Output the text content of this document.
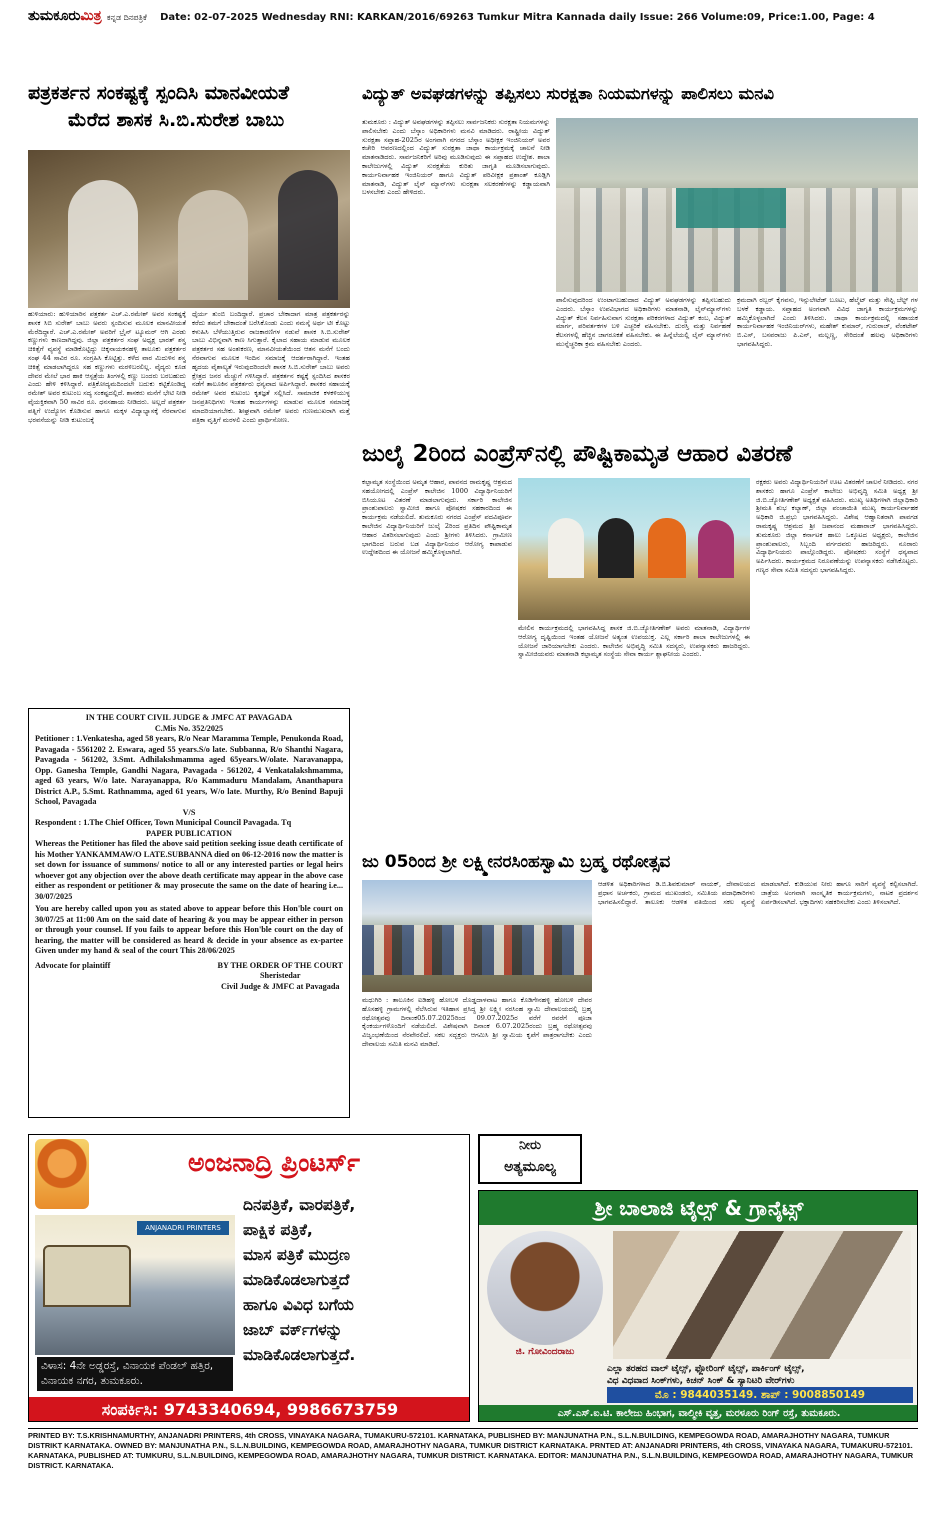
ತುಮಕೂರುಮಿತ್ರ ಕನ್ನಡ ದಿನಪತ್ರಿಕೆ Date: 02-07-2025 Wednesday RNI: KARKAN/2016/69263 Tumkur Mitra Kannada daily Issue: 266 Volume:09, Price:1.00, Page: 4
ಪತ್ರಕರ್ತನ ಸಂಕಷ್ಟಕ್ಕೆ ಸ್ಪಂದಿಸಿ ಮಾನವೀಯತೆ
ಮೆರೆದ ಶಾಸಕ ಸಿ.ಬಿ.ಸುರೇಶ ಬಾಬು
ವಿದ್ಯುತ್ ಅವಘಡಗಳನ್ನು ತಪ್ಪಿಸಲು ಸುರಕ್ಷತಾ ನಿಯಮಗಳನ್ನು ಪಾಲಿಸಲು ಮನವಿ
ಹುಳಿಯಾರು: ಹುಳಿಯಾರಿನ ಪತ್ರಕರ್ತ ಎಚ್.ಎ.ರಮೇಶ್ ಅವರ ಸಂಕಷ್ಟಕ್ಕೆ ಶಾಸಕ ಸಿಬಿ ಸುರೇಶ್ ಬಾಬು ಅವರು ಸ್ಪಂದಿಸುವ ಮೂಲಕ ಮಾನವೀಯತೆ ಮೆರೆದಿದ್ದಾರೆ. ಎಚ್.ಎ.ರಮೇಶ್ ಅವರಿಗೆ ಬ್ರೈನ್ ಟ್ಯೂಮರ್ ಆಗಿ ಎರಡು ಕಣ್ಣುಗಳು ಕಾಣದಾಗಿದ್ದವು. ಜಿಲ್ಲಾ ಪತ್ರಕರ್ತರ ಸಂಘ ಅಧ್ಯಕ್ಷ ಭಾರತ್ ಶಸ್ತ್ರ ಚಿಕಿತ್ಸೆಗೆ ವ್ಯವಸ್ಥೆ ಮಾಡಿಕೊಟ್ಟಿದ್ದು ಚಿಕ್ಕನಾಯಕನಹಳ್ಳಿ ತಾಲೂಕು ಪತ್ರಕರ್ತರ ಸಂಘ 44 ಸಾವಿರ ರೂ. ಸಂಗ್ರಹಿಸಿ ಕೊಟ್ಟಿತ್ತು. ಕಳೆದ ವಾರ ಮಿದುಳಿನ ಶಸ್ತ್ರ ಚಿಕಿತ್ಸೆ ಮಾಡಲಾಗಿದ್ದರೂ ಸಹ ಕಣ್ಣುಗಳು ಮರಳಿಬರಲಿಲ್ಲ. ವೈದ್ಯರು ಕೂಡ ದೇವರ ಮೇಲೆ ಭಾರ ಹಾಕಿ ಆಸ್ಪತ್ರೆಯ ತಿಂಗಳಲ್ಲಿ ಕಣ್ಣು ಬಂದರು ಬರಬಹುದು ಎಂದು ಹೇಳಿ ಕಳಿಸಿದ್ದಾರೆ. ಪತ್ರಿಕೋದ್ಯಮದಿಂದಲೇ ಬದುಕು ಕಟ್ಟಿಕೊಂಡಿದ್ದ ರಮೇಶ್ ಅವರ ಕುಟುಂಬ ಸದ್ಯ ಸಂಕಷ್ಟದಲ್ಲಿದೆ. ಶಾಸಕರು ಮನೆಗೆ ಭೇಟಿ ನೀಡಿ ವೈಯಕ್ತಿಕವಾಗಿ 50 ಸಾವಿರ ರೂ. ಧನಸಹಾಯ ನೀಡಿದರು. ಅಲ್ಲದೆ ಪತ್ರಕರ್ತ ಪತ್ನಿಗೆ ಉದ್ಯೋಗ ಕೊಡಿಸುವ ಹಾಗೂ ಮಕ್ಕಳ ವಿದ್ಯಾಭ್ಯಾಸಕ್ಕೆ ನೆರವಾಗುವ ಭರವಸೆಯನ್ನು ನೀಡಿ ಕುಟುಂಬಕ್ಕೆ
ಧೈರ್ಯ ತುಂಬಿ ಬಂದಿದ್ದಾರೆ. ಪ್ರಚಾರ ಬೇಕಾದಾಗ ಮಾತ್ರ ಪತ್ರಕರ್ತರನ್ನು ಕರೆದು ತಮಗೆ ಬೇಕಾದಂತೆ ಬರೆಸಿಕೊಂಡು ಎಂದು ನಮಸ್ಕೆ ಅರ್ಥ ಟೀ ಕೊಟ್ಟು ಕಳುಹಿಸಿ ಬೆಳೆಯುತ್ತಿರುವ ರಾಜಕಾರಣಿಗಳ ನಡುವೆ ಶಾಸಕ ಸಿ.ಬಿ.ಸುರೇಶ್ ಬಾಬು ವಿಭಿನ್ನವಾಗಿ ಕಾಣ ಸಿಗುತ್ತಾರೆ. ಕೈಲಾದ ಸಹಾಯ ಮಾಡುವ ಮೂಲಕ ಪತ್ರಕರ್ತರ ಸಹ ಅಂತಃಕರಣ, ಮಾನವೀಯತೆಯಿಂದ ಆತನ ಮನೆಗೆ ಬಂದು ನೆರವಾಗುವ ಮೂಲಕ ಇಂದಿನ ಸಮಾಜಕ್ಕೆ ಆದರ್ಶರಾಗಿದ್ದಾರೆ. ಇಂತಹ ಹೃದಯ ವೈಶಾಲ್ಯತೆ ಇರುವುದರಿಂದಲೇ ಶಾಸಕ ಸಿ.ಬಿ.ಸುರೇಶ್ ಬಾಬು ಅವರು ಕ್ಷೇತ್ರದ ಜನರ ಮೆಚ್ಚುಗೆ ಗಳಿಸಿದ್ದಾರೆ. ಪತ್ರಕರ್ತನ ಕಷ್ಟಕ್ಕೆ ಸ್ಪಂದಿಸಿದ ಶಾಸಕರ ನಡೆಗೆ ತಾಲೂಕಿನ ಪತ್ರಕರ್ತರು ಧನ್ಯವಾದ ಅರ್ಪಿಸಿದ್ದಾರೆ. ಶಾಸಕರ ಸಹಾಯಕ್ಕೆ ರಮೇಶ್ ಅವರ ಕುಟುಂಬ ಕೃತಜ್ಞತೆ ಸಲ್ಲಿಸಿದೆ. ಸಾಮಾಜಿಕ ಕಳಕಳಿಯುಳ್ಳ ಜನಪ್ರತಿನಿಧಿಗಳು ಇಂತಹ ಕಾರ್ಯಗಳನ್ನು ಮಾಡುವ ಮೂಲಕ ಸಮಾಜಕ್ಕೆ ಮಾದರಿಯಾಗಬೇಕು. ಶೀಘ್ರವಾಗಿ ರಮೇಶ್ ಅವರು ಗುಣಮುಖರಾಗಿ ಮತ್ತೆ ಪತ್ರಿಕಾ ವೃತ್ತಿಗೆ ಮರಳಲಿ ಎಂದು ಪ್ರಾರ್ಥಿಸೋಣ.
ತುಮಕೂರು : ವಿದ್ಯುತ್ ಅವಘಡಗಳನ್ನು ತಪ್ಪಿಸಲು ಸಾರ್ವಜನಿಕರು ಸುರಕ್ಷತಾ ನಿಯಮಗಳನ್ನು ಪಾಲಿಸಬೇಕು ಎಂದು ಬೆಸ್ಕಾಂ ಅಧಿಕಾರಿಗಳು ಮನವಿ ಮಾಡಿದರು. ರಾಷ್ಟ್ರೀಯ ವಿದ್ಯುತ್ ಸುರಕ್ಷತಾ ಸಪ್ತಾಹ-2025ರ ಅಂಗವಾಗಿ ನಗರದ ಬೆಸ್ಕಾಂ ಅಧೀಕ್ಷಕ ಇಂಜಿನಿಯರ್ ಅವರ ಕಚೇರಿ ಆವರಣದಲ್ಲಿಂದ ವಿದ್ಯುತ್ ಸುರಕ್ಷತಾ ಜಾಥಾ ಕಾರ್ಯಕ್ರಮಕ್ಕೆ ಚಾಲನೆ ನೀಡಿ ಮಾತನಾಡಿದರು. ಸಾರ್ವಜನಿಕರಿಗೆ ಅರಿವು ಮೂಡಿಸುವುದು ಈ ಸಪ್ತಾಹದ ಉದ್ದೇಶ. ಶಾಲಾ ಕಾಲೇಜುಗಳಲ್ಲಿ ವಿದ್ಯುತ್ ಸುರಕ್ಷತೆಯ ಕುರಿತು ಜಾಗೃತಿ ಮೂಡಿಸಲಾಗುವುದು. ಕಾರ್ಯನಿರ್ವಾಹಕ ಇಂಜಿನಿಯರ್ ಹಾಗೂ ವಿದ್ಯುತ್ ಪರಿವೀಕ್ಷಕ ಪ್ರಶಾಂತ್ ಕೂಡ್ಲಿಗಿ ಮಾತನಾಡಿ, ವಿದ್ಯುತ್ ಲೈನ್ ಮ್ಯಾನ್‌ಗಳು ಸುರಕ್ಷತಾ ಸಲಕರಣೆಗಳನ್ನು ಕಡ್ಡಾಯವಾಗಿ ಬಳಸಬೇಕು ಎಂದು ಹೇಳಿದರು.
ಪಾಲಿಸುವುದರಿಂದ ಉಂಟಾಗಬಹುದಾದ ವಿದ್ಯುತ್ ಅವಘಡಗಳನ್ನು ತಪ್ಪಿಸಬಹುದು ಎಂದರು. ಬೆಸ್ಕಾಂ ಉಪವಿಭಾಗದ ಅಧಿಕಾರಿಗಳು ಮಾತನಾಡಿ, ಲೈನ್‌ಮ್ಯಾನ್‌ಗಳು ವಿದ್ಯುತ್ ಕೆಲಸ ನಿರ್ವಹಿಸುವಾಗ ಸುರಕ್ಷತಾ ಪರಿಕರಗಳಾದ ವಿದ್ಯುತ್ ಕಂಬ, ವಿದ್ಯುತ್ ಮಾರ್ಗ, ಪರಿವರ್ತಕಗಳ ಬಳಿ ಎಚ್ಚರಿಕೆ ವಹಿಸಬೇಕು. ದುರಸ್ತಿ ಮತ್ತು ನಿರ್ವಹಣೆ ಕೆಲಸಗಳಲ್ಲಿ ಹೆಚ್ಚಿನ ಜಾಗರೂಕತೆ ವಹಿಸಬೇಕು. ಈ ಹಿನ್ನೆಲೆಯಲ್ಲಿ ಲೈನ್ ಮ್ಯಾನ್‌ಗಳು ಮುನ್ನೆಚ್ಚರಿಕಾ ಕ್ರಮ ವಹಿಸಬೇಕು ಎಂದರು.
ಕ್ರಮದಾಗಿ ರಬ್ಬರ್ ಕೈಗವಸು, ಇನ್ಸುಲೇಟೆಡ್ ಬೂಟು, ಹೆಲ್ಮೆಟ್ ಮತ್ತು ಸೇಫ್ಟಿ ಬೆಲ್ಟ್ ಗಳ ಬಳಕೆ ಕಡ್ಡಾಯ. ಸಪ್ತಾಹದ ಅಂಗವಾಗಿ ವಿವಿಧ ಜಾಗೃತಿ ಕಾರ್ಯಕ್ರಮಗಳನ್ನು ಹಮ್ಮಿಕೊಳ್ಳಲಾಗಿದೆ ಎಂದು ತಿಳಿಸಿದರು. ಜಾಥಾ ಕಾರ್ಯಕ್ರಮದಲ್ಲಿ ಸಹಾಯಕ ಕಾರ್ಯನಿರ್ವಾಹಕ ಇಂಜಿನಿಯರ್‌ಗಳು, ಮಹೇಶ್ ಕುಮಾರ್, ಗುರುರಾಜ್, ವೆಂಕಟೇಶ್ ಬಿ.ಎಸ್, ಬಸವರಾಜು ಪಿ.ಎನ್, ಮಲ್ಲಣ್ಣ, ಸೇರಿದಂತೆ ಹಲವು ಅಧಿಕಾರಿಗಳು ಭಾಗವಹಿಸಿದ್ದರು.
ಜುಲೈ 2ರಿಂದ ಎಂಪ್ರೆಸ್‌ನಲ್ಲಿ ಪೌಷ್ಟಿಕಾಮೃತ ಆಹಾರ ವಿತರಣೆ
ಕಲ್ಪಾಮೃತ ಸಂಸ್ಥೆಯಿಂದ ಅಮೃತ ಆಹಾರ, ಪಾವನದ ರಾಮಕೃಷ್ಣ ಆಶ್ರಮದ ಸಹಯೋಗದಲ್ಲಿ ಎಂಪ್ರೆಸ್ ಕಾಲೇಜಿನ 1000 ವಿದ್ಯಾರ್ಥಿನಿಯರಿಗೆ ಬಿಸಿಯೂಟ ವಿತರಣೆ ಮಾಡಲಾಗುವುದು. ಸರ್ಕಾರಿ ಕಾಲೇಜಿನ ಪ್ರಾಂಶುಪಾಲರು ಸ್ವಾಮೀಜಿ ಹಾಗೂ ಪೋಷಕರ ಸಹಕಾರದಿಂದ ಈ ಕಾರ್ಯಕ್ರಮ ನಡೆಯಲಿದೆ. ತುಮಕೂರು ನಗರದ ಎಂಪ್ರೆಸ್ ಪದವಿಪೂರ್ವ ಕಾಲೇಜಿನ ವಿದ್ಯಾರ್ಥಿನಿಯರಿಗೆ ಜುಲೈ 2ರಿಂದ ಪ್ರತಿದಿನ ಪೌಷ್ಟಿಕಾಮೃತ ಆಹಾರ ವಿತರಿಸಲಾಗುವುದು ಎಂದು ಶ್ರೀಗಳು ತಿಳಿಸಿದರು. ಗ್ರಾಮೀಣ ಭಾಗದಿಂದ ಬರುವ ಬಡ ವಿದ್ಯಾರ್ಥಿನಿಯರ ಆರೋಗ್ಯ ಕಾಪಾಡುವ ಉದ್ದೇಶದಿಂದ ಈ ಯೋಜನೆ ಹಮ್ಮಿಕೊಳ್ಳಲಾಗಿದೆ.
ಮೇಲಿನ ಕಾರ್ಯಕ್ರಮದಲ್ಲಿ ಭಾಗವಹಿಸಿದ್ದ ಶಾಸಕ ಜಿ.ಬಿ.ಜ್ಯೋತಿಗಣೇಶ್ ಅವರು ಮಾತನಾಡಿ, ವಿದ್ಯಾರ್ಥಿಗಳ ಆರೋಗ್ಯ ದೃಷ್ಟಿಯಿಂದ ಇಂತಹ ಯೋಜನೆ ಅತ್ಯಂತ ಉಪಯುಕ್ತ. ಎಲ್ಲ ಸರ್ಕಾರಿ ಶಾಲಾ ಕಾಲೇಜುಗಳಲ್ಲಿ ಈ ಯೋಜನೆ ಜಾರಿಯಾಗಬೇಕು ಎಂದರು. ಕಾಲೇಜಿನ ಅಭಿವೃದ್ಧಿ ಸಮಿತಿ ಸದಸ್ಯರು, ಉಪನ್ಯಾಸಕರು ಹಾಜರಿದ್ದರು. ಸ್ವಾಮೀಜಿಯವರು ಮಾತನಾಡಿ ಕಲ್ಪಾಮೃತ ಸಂಸ್ಥೆಯ ಸೇವಾ ಕಾರ್ಯ ಶ್ಲಾಘನೀಯ ಎಂದರು.
ರಕ್ಷಕರು ಅವರು ವಿದ್ಯಾರ್ಥಿನಿಯರಿಗೆ ಊಟ ವಿತರಣೆಗೆ ಚಾಲನೆ ನೀಡಿದರು. ನಗರ ಶಾಸಕರು ಹಾಗೂ ಎಂಪ್ರೆಸ್ ಕಾಲೇಜು ಅಭಿವೃದ್ಧಿ ಸಮಿತಿ ಅಧ್ಯಕ್ಷ ಶ್ರೀ ಜಿ.ಬಿ.ಜ್ಯೋತಿಗಣೇಶ್ ಅಧ್ಯಕ್ಷತೆ ವಹಿಸಿದರು. ಮುಖ್ಯ ಅತಿಥಿಗಳಾಗಿ ಜಿಲ್ಲಾಧಿಕಾರಿ ಶ್ರೀಮತಿ ಶುಭ ಕಲ್ಯಾಣ್, ಜಿಲ್ಲಾ ಪಂಚಾಯಿತಿ ಮುಖ್ಯ ಕಾರ್ಯನಿರ್ವಾಹಕ ಅಧಿಕಾರಿ ಜಿ.ಪ್ರಭು ಭಾಗವಹಿಸಿದ್ದರು. ವಿಶೇಷ ಆಹ್ವಾನಿತರಾಗಿ ಪಾವಗಡ ರಾಮಕೃಷ್ಣ ಆಶ್ರಮದ ಶ್ರೀ ಜಪಾನಂದ ಮಹಾರಾಜ್ ಭಾಗವಹಿಸಿದ್ದರು. ತುಮಕೂರು ಜಿಲ್ಲಾ ಕರ್ನಾಟಕ ಹಾಲು ಒಕ್ಕೂಟದ ಅಧ್ಯಕ್ಷರು, ಕಾಲೇಜಿನ ಪ್ರಾಂಶುಪಾಲರು, ಸಿಬ್ಬಂದಿ ವರ್ಗದವರು ಹಾಜರಿದ್ದರು. ನೂರಾರು ವಿದ್ಯಾರ್ಥಿನಿಯರು ಪಾಲ್ಗೊಂಡಿದ್ದರು. ಪೋಷಕರು ಸಂಸ್ಥೆಗೆ ಧನ್ಯವಾದ ಅರ್ಪಿಸಿದರು. ಕಾರ್ಯಕ್ರಮದ ನಿರೂಪಣೆಯನ್ನು ಉಪನ್ಯಾಸಕರು ನಡೆಸಿಕೊಟ್ಟರು. ಗಣ್ಯರ ಸೇವಾ ಸಮಿತಿ ಸದಸ್ಯರು ಭಾಗವಹಿಸಿದ್ದರು.
IN THE COURT CIVIL JUDGE & JMFC AT PAVAGADA
C.Mis No. 352/2025
Petitioner : 1.Venkatesha, aged 58 years, R/o Near Maramma Temple, Penukonda Road, Pavagada - 5561202 2. Eswara, aged 55 years.S/o late. Subbanna, R/o Shanthi Nagara, Pavagada - 561202, 3.Smt. Adhilakshmamma aged 65years.W/olate. Naravanappa, Opp. Ganesha Temple, Gandhi Nagara, Pavagada - 561202, 4 Venkatalakshmamma, aged 63 years, W/o late. Narayanappa, R/o Kammaduru Mandalam, Ananthapura District A.P., 5.Smt. Rathnamma, aged 61 years, W/o late. Murthy, R/o Benind Bapuji School, Pavagada
V/S
Respondent : 1.The Chief Officer, Town Municipal Council Pavagada. Tq
PAPER PUBLICATION
Whereas the Petitioner has filed the above said petition seeking issue death certificate of his Mother YANKAMMAW/O LATE.SUBBANNA died on 06-12-2016 now the matter is set down for issuance of summons/ notice to all or any interested parties or legal heirs whoever got any objection over the above death certificate may appear in the above case either as respondent or petitioner & may prosecute the same on the date of hearing i.e... 30/07/2025
You are hereby called upon you as stated above to appear before this Hon'ble court on 30/07/25 at 11:00 Am on the said date of hearing & you may be appear either in person or through your counsel. If you fails to appear before this Hon'ble court on the day of hearing, the matter will be considered as heard & decide in your absence as ex-partee Given under my hand & seal of the court This 28/06/2025
Advocate for plaintiff	BY THE ORDER OF THE COURT
Sheristedar
Civil Judge & JMFC at Pavagada
ಜು 05ರಿಂದ ಶ್ರೀ ಲಕ್ಷ್ಮೀನರಸಿಂಹಸ್ವಾಮಿ ಬ್ರಹ್ಮ ರಥೋತ್ಸವ
ಮಧುಗಿರಿ : ತಾಲೂಕಿನ ಐಡಿಹಳ್ಳಿ ಹೋಬಳಿ ದೊಡ್ಡದಾಳವಾಟ ಹಾಗೂ ಕೊಡಿಗೇನಹಳ್ಳಿ ಹೋಬಳಿ ದೇವರ ಹೊಸಹಳ್ಳಿ ಗ್ರಾಮಗಳಲ್ಲಿ ನೆಲೆಸಿರುವ ಇತಿಹಾಸ ಪ್ರಸಿದ್ಧ ಶ್ರೀ ಲಕ್ಷ್ಮೀ ನರಸಿಂಹ ಸ್ವಾಮಿ ದೇವಾಲಯದಲ್ಲಿ ಬ್ರಹ್ಮ ರಥೋತ್ಸವವು ದಿನಾಂಕ05.07.2025ರಿಂದ 09.07.2025ರ ವರೆಗೆ ರವರೆಗೆ ಪೂಜಾ ಕೈಂಕರ್ಯಗಳೊಂದಿಗೆ ನಡೆಯಲಿದೆ. ವಿಶೇಷವಾಗಿ ದಿನಾಂಕ 6.07.2025ರಂದು ಬ್ರಹ್ಮ ರಥೋತ್ಸವವು ವಿಜೃಂಭಣೆಯಿಂದ ನೆರವೇರಲಿದೆ. ಸಕಲ ಸದ್ಭಕ್ತರು ಆಗಮಿಸಿ ಶ್ರೀ ಸ್ವಾಮಿಯ ಕೃಪೆಗೆ ಪಾತ್ರರಾಗಬೇಕು ಎಂದು ದೇವಾಲಯ ಸಮಿತಿ ಮನವಿ ಮಾಡಿದೆ.
ಆಡಳಿತ ಅಧಿಕಾರಿಗಳಾದ ಡಿ.ಬಿ.ಶಿವಕುಮಾರ್ ನಾಯಕ್, ದೇವಾಲಯದ ಪ್ರಧಾನ ಅರ್ಚಕರು, ಗ್ರಾಮದ ಮುಖಂಡರು, ಸಮಿತಿಯ ಪದಾಧಿಕಾರಿಗಳು ಭಾಗವಹಿಸಲಿದ್ದಾರೆ. ತಾಲೂಕು ಆಡಳಿತ ವತಿಯಿಂದ ಸಕಲ ವ್ಯವಸ್ಥೆ ಮಾಡಲಾಗಿದೆ. ಕುಡಿಯುವ ನೀರು ಹಾಗೂ ಸಾರಿಗೆ ವ್ಯವಸ್ಥೆ ಕಲ್ಪಿಸಲಾಗಿದೆ. ಜಾತ್ರೆಯ ಅಂಗವಾಗಿ ಸಾಂಸ್ಕೃತಿಕ ಕಾರ್ಯಕ್ರಮಗಳು, ನಾಟಕ ಪ್ರದರ್ಶನ ಏರ್ಪಡಿಸಲಾಗಿದೆ. ಭಕ್ತಾದಿಗಳು ಸಹಕರಿಸಬೇಕು ಎಂದು ತಿಳಿಸಲಾಗಿದೆ.
ಅಂಜನಾದ್ರಿ ಪ್ರಿಂಟರ್ಸ್
ANJANADRI PRINTERS
ದಿನಪತ್ರಿಕೆ, ವಾರಪತ್ರಿಕೆ,
ಪಾಕ್ಷಿಕ ಪತ್ರಿಕೆ,
ಮಾಸ ಪತ್ರಿಕೆ ಮುದ್ರಣ
ಮಾಡಿಕೊಡಲಾಗುತ್ತದೆ
ಹಾಗೂ ವಿವಿಧ ಬಗೆಯ
ಜಾಬ್ ವರ್ಕ್‌ಗಳನ್ನು
ಮಾಡಿಕೊಡಲಾಗುತ್ತದೆ.
ವಿಳಾಸ: 4ನೇ ಅಡ್ಡರಸ್ತೆ, ವಿನಾಯಕ ಪೆಂಡಲ್ ಹತ್ತಿರ, ವಿನಾಯಕ ನಗರ, ತುಮಕೂರು.
ಸಂಪರ್ಕಿಸಿ: 9743340694, 9986673759
ನೀರು
ಅತ್ಯಮೂಲ್ಯ
ಶ್ರೀ ಬಾಲಾಜಿ ಟೈಲ್ಸ್ & ಗ್ರಾನೈಟ್ಸ್
ಜಿ. ಗೋವಿಂದರಾಜು
ಎಲ್ಲಾ ತರಹದ ವಾಲ್ ಟೈಲ್ಸ್, ಫ್ಲೋರಿಂಗ್ ಟೈಲ್ಸ್, ಪಾರ್ಕಿಂಗ್ ಟೈಲ್ಸ್,
ವಿಧ ವಿಧವಾದ ಸಿಂಕ್‌ಗಳು, ಕಿಚನ್ ಸಿಂಕ್ & ಸ್ಯಾನಿಟರಿ ವೇರ್‌ಗಳು
ಮೊ : 9844035149. ಶಾಪ್ : 9008850149
ಎಸ್.ಎಸ್.ಐ.ಟಿ. ಕಾಲೇಜು ಹಿಂಭಾಗ, ವಾಲ್ಮೀಕಿ ವೃತ್ತ, ಮರಳೂರು ರಿಂಗ್ ರಸ್ತೆ, ತುಮಕೂರು.
PRINTED BY: T.S.KRISHNAMURTHY, ANJANADRI PRINTERS, 4th CROSS, VINAYAKA NAGARA, TUMAKURU-572101. KARNATAKA, PUBLISHED BY: MANJUNATHA P.N., S.L.N.BUILDING, KEMPEGOWDA ROAD, AMARAJHOTHY NAGARA, TUMKUR DISTRIKT KARNATAKA. OWNED BY: MANJUNATHA P.N., S.L.N.BUILDING, KEMPEGOWDA ROAD, AMARAJHOTHY NAGARA, TUMKUR DISTRICT KARNATAKA. PRNTED AT: ANJANADRI PRINTERS, 4th CROSS, VINAYAKA NAGARA, TUMAKURU-572101. KARNATAKA, PUBLISHED AT: TUMKURU, S.L.N.BUILDING, KEMPEGOWDA ROAD, AMARAJHOTHY NAGARA, TUMKUR DISTRICT. KARNATAKA. EDITOR: MANJUNATHA P.N., S.L.N.BUILDING, KEMPEGOWDA ROAD, AMARAJHOTHY NAGARA, TUMKUR DISTRICT. KARNATAKA.
